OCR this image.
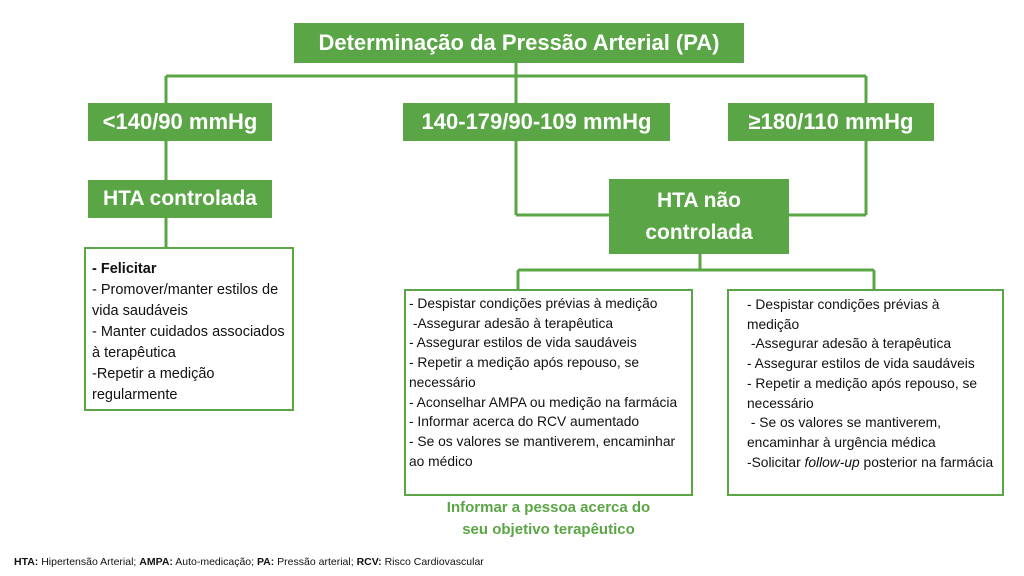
Determinação da Pressão Arterial (PA)
<140/90 mmHg	140-179/90-109 mmHg	≥180/110 mmHg
HTA controlada	HTA não
controlada
- Felicitar
- Promover/manter estilos de vida saudáveis
- Manter cuidados associados à terapêutica
-Repetir a medição regularmente
- Despistar condições prévias à medição
-Assegurar adesão à terapêutica
- Assegurar estilos de vida saudáveis
- Repetir a medição após repouso, se necessário
- Aconselhar AMPA ou medição na farmácia
- Informar acerca do RCV aumentado
- Se os valores se mantiverem, encaminhar ao médico
- Despistar condições prévias à medição
-Assegurar adesão à terapêutica
- Assegurar estilos de vida saudáveis
- Repetir a medição após repouso, se necessário
- Se os valores se mantiverem, encaminhar à urgência médica
-Solicitar follow-up posterior na farmácia
Informar a pessoa acerca do
seu objetivo terapêutico
HTA: Hipertensão Arterial; AMPA: Auto-medicação; PA: Pressão arterial; RCV: Risco Cardiovascular
